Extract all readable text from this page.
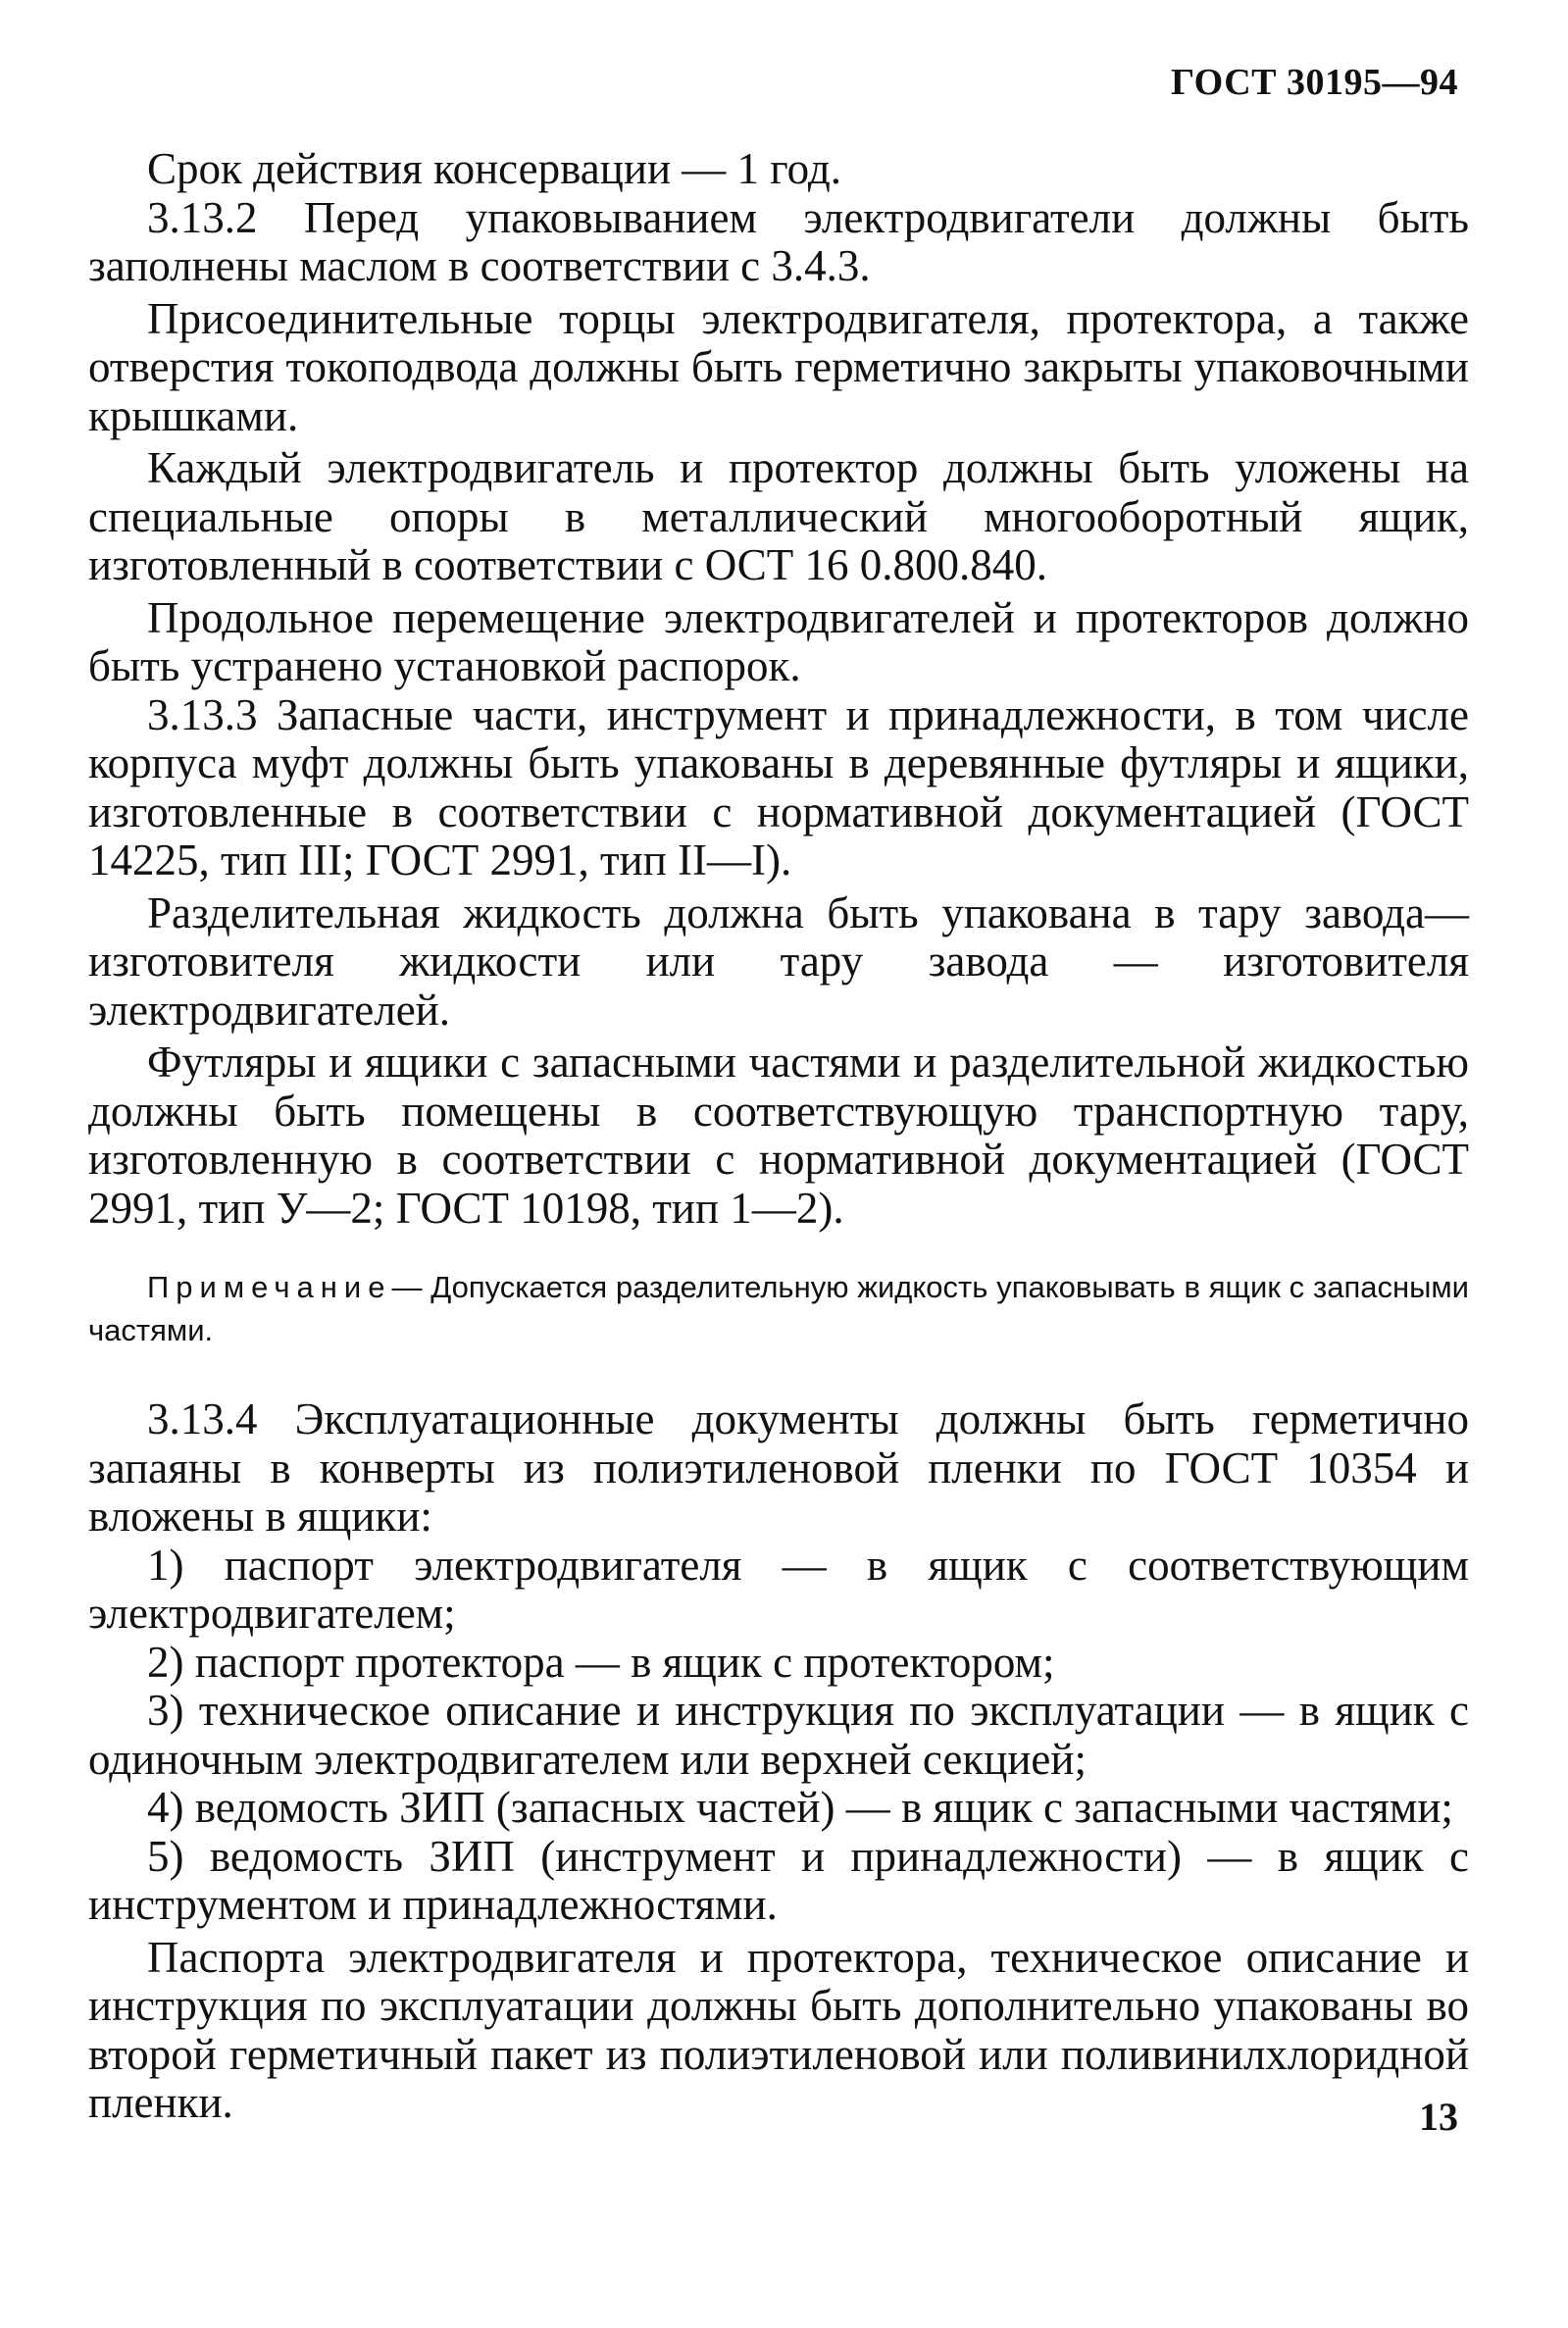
ГОСТ 30195—94

Срок действия консервации — 1 год.

3.13.2 Перед упаковыванием электродвигатели должны быть заполнены маслом в соответствии с 3.4.3.

Присоединительные торцы электродвигателя, протектора, а также отверстия токоподвода должны быть герметично закрыты упаковочными крышками.

Каждый электродвигатель и протектор должны быть уложены на специальные опоры в металлический многооборотный ящик, изготовленный в соответствии с ОСТ 16 0.800.840.

Продольное перемещение электродвигателей и протекторов должно быть устранено установкой распорок.

3.13.3 Запасные части, инструмент и принадлежности, в том числе корпуса муфт должны быть упакованы в деревянные футляры и ящики, изготовленные в соответствии с нормативной документацией (ГОСТ 14225, тип III; ГОСТ 2991, тип II—I).

Разделительная жидкость должна быть упакована в тару завода— изготовителя жидкости или тару завода — изготовителя электродвигателей.

Футляры и ящики с запасными частями и разделительной жидкостью должны быть помещены в соответствующую транспортную тару, изготовленную в соответствии с нормативной документацией (ГОСТ 2991, тип У—2; ГОСТ 10198, тип 1—2).

Примечание— Допускается разделительную жидкость упаковывать в ящик с запасными частями.

3.13.4 Эксплуатационные документы должны быть герметично запаяны в конверты из полиэтиленовой пленки по ГОСТ 10354 и вложены в ящики:

1) паспорт электродвигателя — в ящик с соответствующим электродвигателем;

2) паспорт протектора — в ящик с протектором;

3) техническое описание и инструкция по эксплуатации — в ящик с одиночным электродвигателем или верхней секцией;

4) ведомость ЗИП (запасных частей) — в ящик с запасными частями;

5) ведомость ЗИП (инструмент и принадлежности) — в ящик с инструментом и принадлежностями.

Паспорта электродвигателя и протектора, техническое описание и инструкция по эксплуатации должны быть дополнительно упакованы во второй герметичный пакет из полиэтиленовой или поливинилхлоридной пленки.	13
